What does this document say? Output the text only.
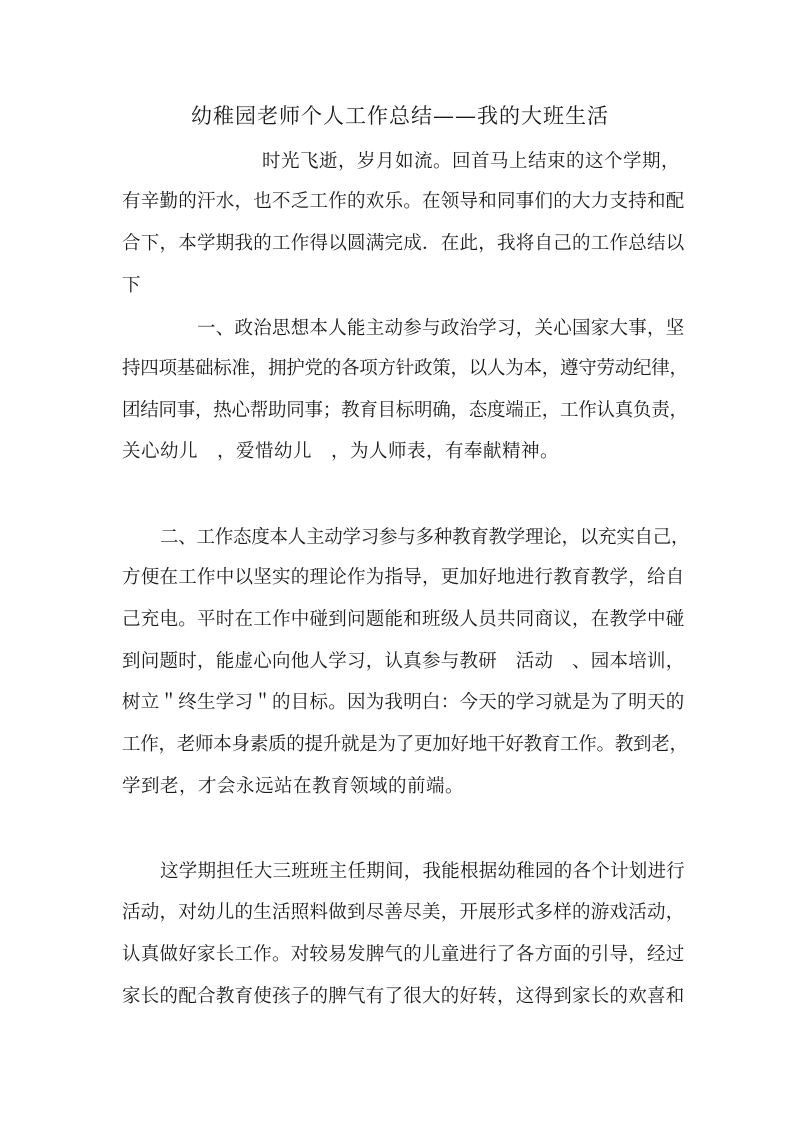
幼稚园老师个人工作总结——我的大班生活
时光飞逝，岁月如流。回首马上结束的这个学期，
有辛勤的汗水，也不乏工作的欢乐。在领导和同事们的大力支持和配
合下，本学期我的工作得以圆满完成．在此，我将自己的工作总结以
下
一、政治思想本人能主动参与政治学习，关心国家大事，坚
持四项基础标准，拥护党的各项方针政策，以人为本，遵守劳动纪律，
团结同事，热心帮助同事；教育目标明确，态度端正，工作认真负责，
关心幼儿　，爱惜幼儿　，为人师表，有奉献精神。
二、工作态度本人主动学习参与多种教育教学理论，以充实自己，
方便在工作中以坚实的理论作为指导，更加好地进行教育教学，给自
己充电。平时在工作中碰到问题能和班级人员共同商议，在教学中碰
到问题时，能虚心向他人学习，认真参与教研　活动　、园本培训，
树立＂终生学习＂的目标。因为我明白：今天的学习就是为了明天的
工作，老师本身素质的提升就是为了更加好地干好教育工作。教到老，
学到老，才会永远站在教育领域的前端。
这学期担任大三班班主任期间，我能根据幼稚园的各个计划进行
活动，对幼儿的生活照料做到尽善尽美，开展形式多样的游戏活动，
认真做好家长工作。对较易发脾气的儿童进行了各方面的引导，经过
家长的配合教育使孩子的脾气有了很大的好转，这得到家长的欢喜和
